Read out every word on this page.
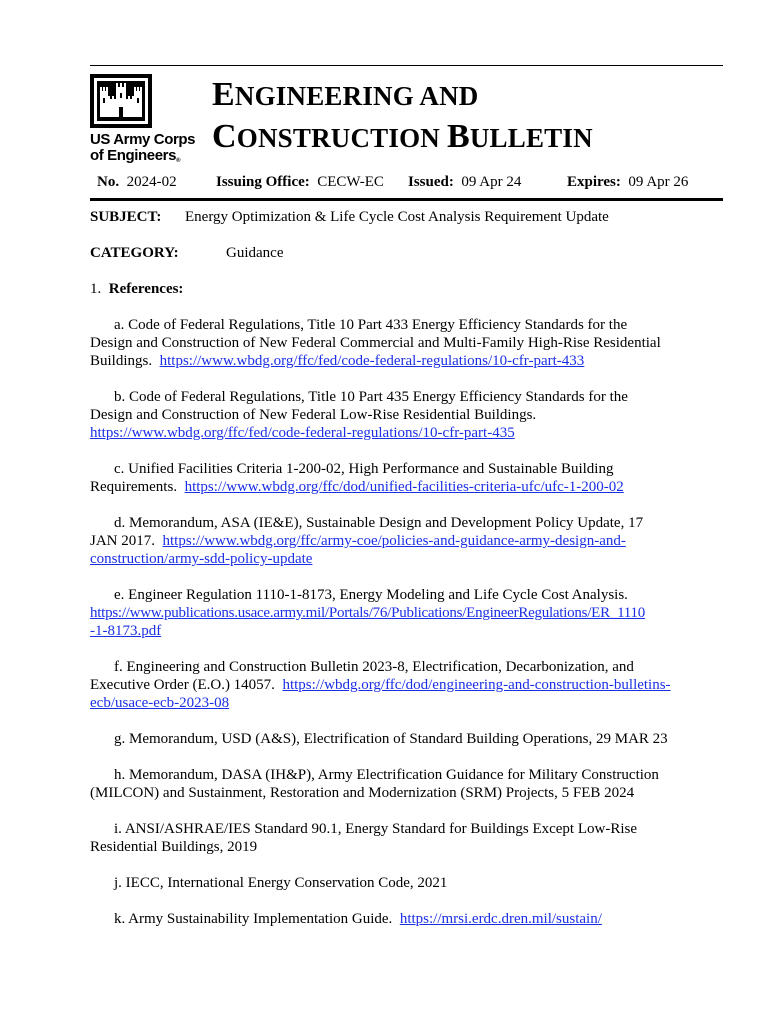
US Army Corps
of Engineers®
ENGINEERING AND
CONSTRUCTION BULLETIN
No. 2024-02	Issuing Office: CECW-EC Issued: 09 Apr 24	Expires: 09 Apr 26
SUBJECT: Energy Optimization & Life Cycle Cost Analysis Requirement Update
CATEGORY:	Guidance
1. References:
a. Code of Federal Regulations, Title 10 Part 433 Energy Efficiency Standards for the
Design and Construction of New Federal Commercial and Multi-Family High-Rise Residential
Buildings. https://www.wbdg.org/ffc/fed/code-federal-regulations/10-cfr-part-433
b. Code of Federal Regulations, Title 10 Part 435 Energy Efficiency Standards for the
Design and Construction of New Federal Low-Rise Residential Buildings.
https://www.wbdg.org/ffc/fed/code-federal-regulations/10-cfr-part-435
c. Unified Facilities Criteria 1-200-02, High Performance and Sustainable Building
Requirements. https://www.wbdg.org/ffc/dod/unified-facilities-criteria-ufc/ufc-1-200-02
d. Memorandum, ASA (IE&E), Sustainable Design and Development Policy Update, 17
JAN 2017. https://www.wbdg.org/ffc/army-coe/policies-and-guidance-army-design-and-
construction/army-sdd-policy-update
e. Engineer Regulation 1110-1-8173, Energy Modeling and Life Cycle Cost Analysis.
https://www.publications.usace.army.mil/Portals/76/Publications/EngineerRegulations/ER_1110
-1-8173.pdf
f. Engineering and Construction Bulletin 2023-8, Electrification, Decarbonization, and
Executive Order (E.O.) 14057. https://wbdg.org/ffc/dod/engineering-and-construction-bulletins-
ecb/usace-ecb-2023-08
g. Memorandum, USD (A&S), Electrification of Standard Building Operations, 29 MAR 23
h. Memorandum, DASA (IH&P), Army Electrification Guidance for Military Construction
(MILCON) and Sustainment, Restoration and Modernization (SRM) Projects, 5 FEB 2024
i. ANSI/ASHRAE/IES Standard 90.1, Energy Standard for Buildings Except Low-Rise
Residential Buildings, 2019
j. IECC, International Energy Conservation Code, 2021
k. Army Sustainability Implementation Guide. https://mrsi.erdc.dren.mil/sustain/
